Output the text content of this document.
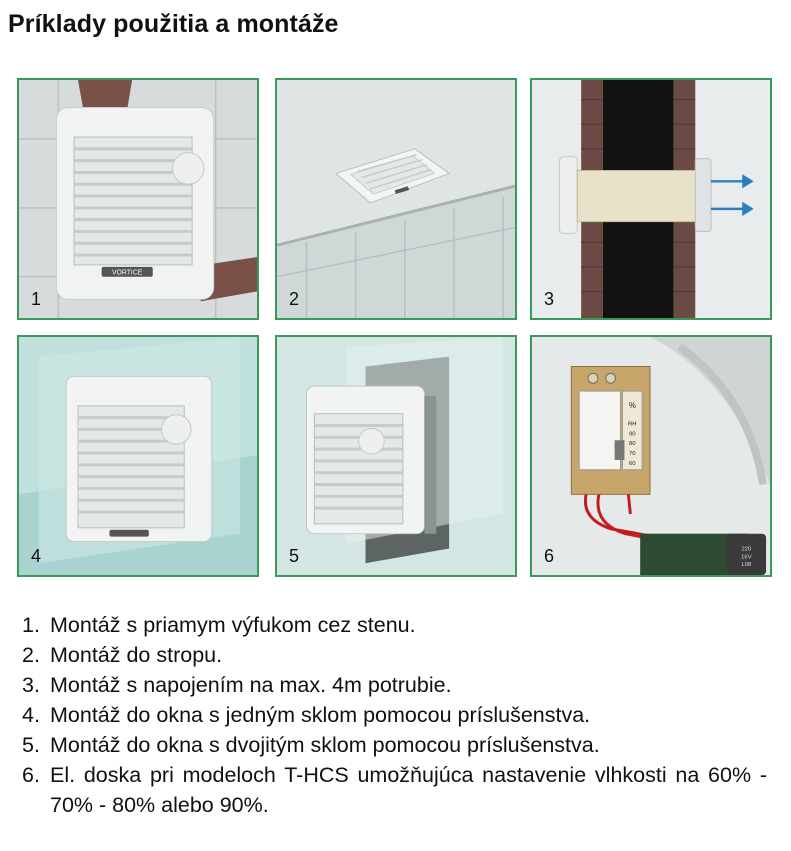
Príklady použitia a montáže
VORTICE
1	2	3
4	5
%
RH
90
80
70
60
220
16V
L08
6
1. Montáž s priamym výfukom cez stenu.
2. Montáž do stropu.
3. Montáž s napojením na max. 4m potrubie.
4. Montáž do okna s jedným sklom pomocou príslušenstva.
5. Montáž do okna s dvojitým sklom pomocou príslušenstva.
6. El. doska pri modeloch T-HCS umožňujúca nastavenie vlhkosti na 60% - 70% - 80% alebo 90%.
